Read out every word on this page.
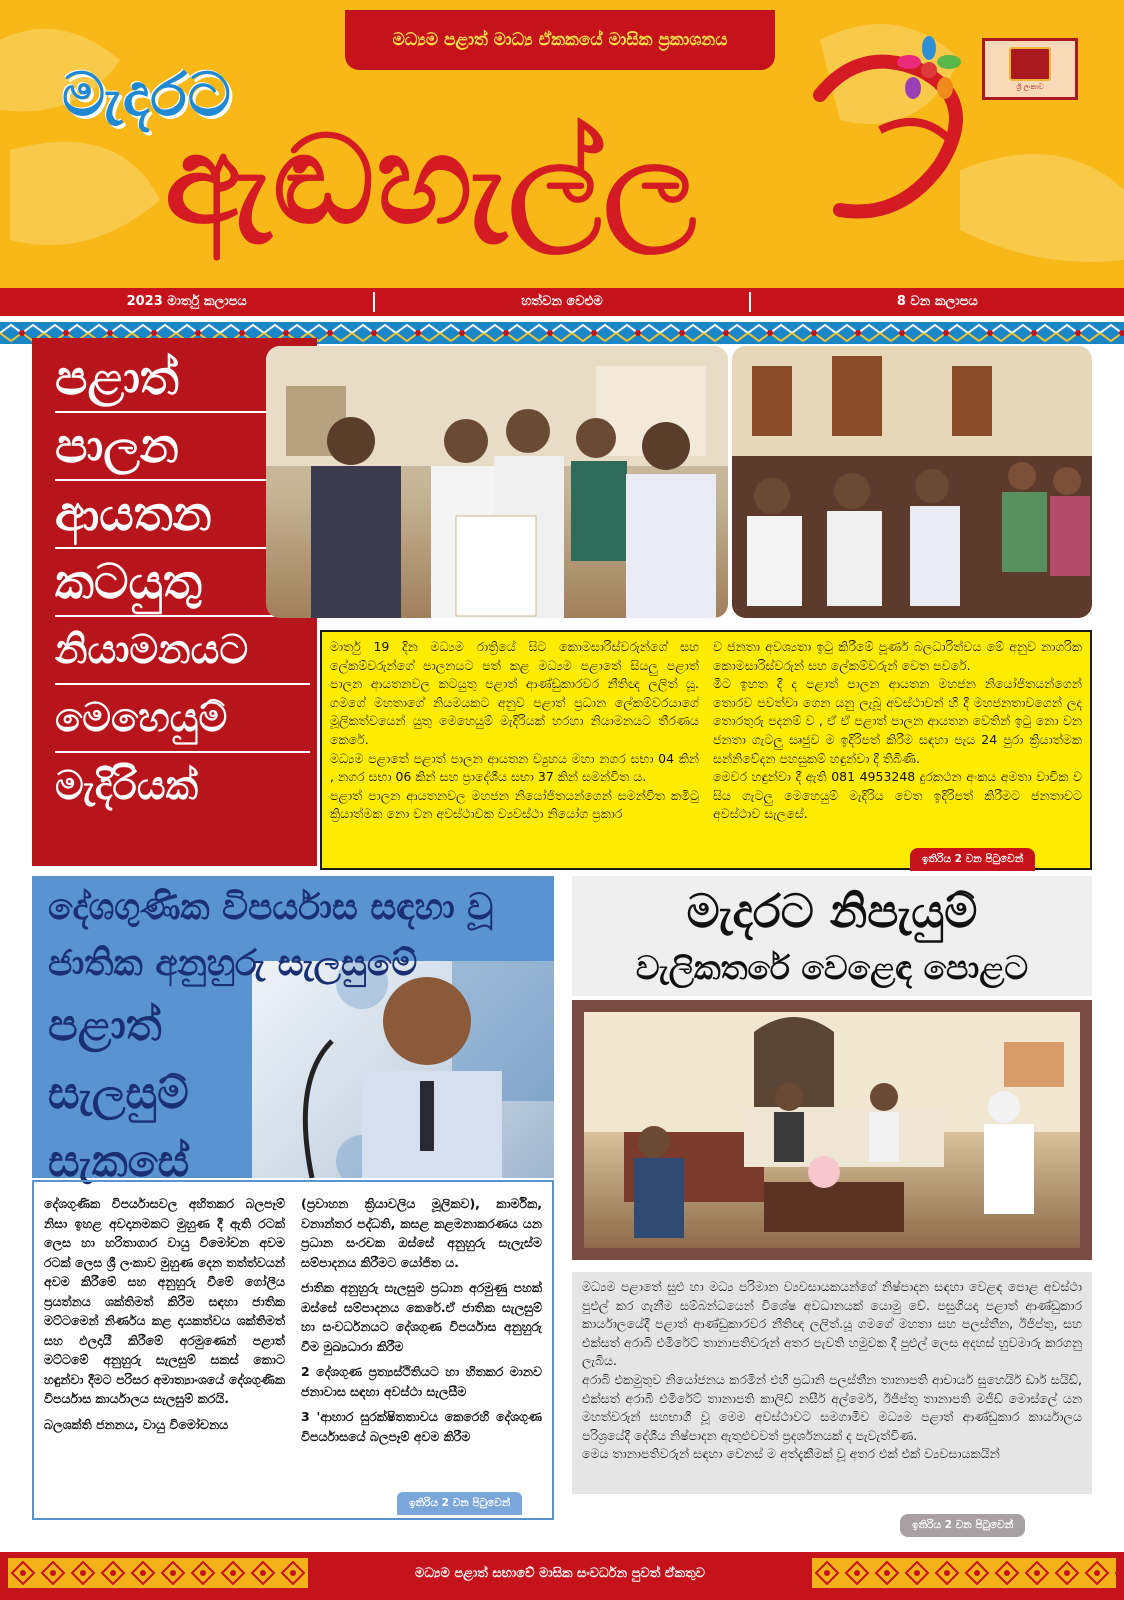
මධ්‍යම පළාත් මාධ්‍ය ඒකකයේ මාසික ප්‍රකාශනය
මැදරට
ඇඬහැල්ල
ශ්‍රී ලංකාව
2023 මාර්තු කලාපය	හත්වන වෙළුම	8 වන කලාපය
පළාත්
පාලන
ආයතන
කටයුතු
නියාමනයට
මෙහෙයුම්
මැදිරියක්

මාර්තු 19 දින මධ්‍යම රාත්‍රියේ සිට කොමසාරිස්වරුන්ගේ සහ ලේකම්වරුන්ගේ පාලනයට පත් කළ මධ්‍යම පළාතේ සියලු පළාත් පාලන ආයතනවල කටයුතු පළාත් ආණ්ඩුකාරවර නීතිඥ ලලිත් යූ. ගමගේ මහතාගේ නියමයකට අනුව පළාත් ප්‍රධාන ලේකම්වරයාගේ මූලිකත්වයෙන් යුතු මෙහෙයුම් මැදිරියක් හරහා නියාමනයට තීරණය කෙරේ.

මධ්‍යම පළාතේ පළාත් පාලන ආයතන ව්‍යුහය මහා නගර සභා 04 කින් , නගර සභා 06 කින් සහ ප්‍රාදේශීය සභා 37 කින් සමන්විත ය.

පළාත් පාලන ආයතනවල මහජන නියෝජිතයන්ගෙන් සමන්විත කමිටු ක්‍රියාත්මක නො වන අවස්ථාවක ව්‍යවස්ථා නියෝග ප්‍රකාර

ව ජනතා අවශ්‍යතා ඉටු කිරීමේ පූර්ණ බලධාරිත්වය මේ අනුව නාගරික කොමසාරිස්වරුන් සහ ලේකම්වරුන් වෙත පවරේ.

මීට ඉහත දී ද පළාත් පාලන ආයතන මහජන නියෝජිතයන්ගෙන් තොරව පවත්වා ගෙන යනු ලැබූ අවස්ථාවන් හි දී මහජනතාවගෙන් ලද තොරතුරු පදනම් ව , ඒ ඒ පළාත් පාලන ආයතන වෙතින් ඉටු නො වන ජනතා ගැටලු සෘජුව ම ඉදිරිපත් කිරීම සඳහා පැය 24 පුරා ක්‍රියාත්මක සන්නිවේදන පහසුකම් හඳුන්වා දී තිබිණි.

මෙවර හඳුන්වා දී ඇති 081 4953248 දුරකථන අංකය අමතා වාචික ව සිය ගැටලු මෙහෙයුම් මැදිරිය වෙත ඉදිරිපත් කිරීමට ජනතාවට අවස්ථාව සැලසේ.

ඉතිරිය 2 වන පිටුවෙන්
දේශගුණික විපර්යාස සඳහා වූ
ජාතික අනුහුරු සැලසුමේ
පළාත්
සැලසුම්
සැකසේ

දේශගුණික විපර්යාසවල අහිතකර බලපෑම් නිසා ඉහළ අවදානමකට මුහුණ දී ඇති රටක් ලෙස හා හරිතාගාර වායු විමෝචන අවම රටක් ලෙස ශ්‍රී ලංකාව මුහුණ දෙන තත්ත්වයන් අවම කිරීමේ සහ අනුහුරු වීමේ ගෝලීය ප්‍රයත්නය ශක්තිමත් කිරීම සඳහා ජාතික මට්ටමෙන් නිර්ණය කළ දායකත්වය ශක්තිමත් සහ ඵලදායී කිරීමේ අරමුණෙන් පළාත් මට්ටමේ අනුහුරු සැලසුම් සකස් කොට හඳුන්වා දීමට පරිසර අමාත්‍යාංශයේ දේශගුණික විපර්යාස කාර්යාලය සැලසුම් කරයි.

බලශක්ති ජනනය, වායු විමෝචනය

(ප්‍රවාහන ක්‍රියාවලිය මූලිකව), කාර්මික, වනාන්තර පද්ධති, කසළ කළමනාකරණය යන ප්‍රධාන සංරචක ඔස්සේ අනුහුරු සැලැස්ම සම්පාදනය කිරීමට යෝජිත ය.

ජාතික අනුහුරු සැලසුම ප්‍රධාන අරමුණු පහක් ඔස්සේ සම්පාදනය කෙරේ.ඒ ජාතික සැලසුම් හා සංවර්ධනයට දේශගුණ විපර්යාස අනුහුරු වීම මුඛ්‍යධාරා කිරීම

2 දේශගුණ ප්‍රත්‍යස්ථිතියට හා හිතකර මානව ජනාවාස සඳහා අවස්ථා සැලසීම

3 'ආහාර සුරක්ෂිතතාවය කෙරෙහි දේශගුණ විපර්යාසයේ බලපෑම් අවම කිරීම

ඉතිරිය 2 වන පිටුවෙන්
මැදරට නිපැයුම්
වැලිකතරේ වෙළෙඳ පොළට

මධ්‍යම පළාතේ සුළු හා මධ්‍ය පරිමාන ව්‍යවසායකයන්ගේ නිෂ්පාදන සඳහා වෙළඳ පොළ අවස්ථා පුළුල් කර ගැනීම සම්බන්ධයෙන් විශේෂ අවධානයක් යොමු වේ. පසුගියදා පළාත් ආණ්ඩුකාර කාර්යාලයේදී පළාත් ආණ්ඩුකාරවර නීතිඥ ලලිත්.යූ ගමගේ මහතා සහ පලස්තීන, ඊජිප්තු, සහ එක්සත් අරාබි එමිරේට් තානාපතිවරුන් අතර පැවති හමුවක දී පුළුල් ලෙස අදහස් හුවමාරු කරගනු ලැබිය.

අරාබි එකමුතුව නියෝජනය කරමින් එහි ප්‍රධානි පලස්තීන තානාපති ආචාර්ය සුහෙයිර් ඩාර් සයිඩ්, එක්සත් අරාබි එමිරේට් තානාපති කාලිඩ් නසීර් අල්මෙර්, ඊජිප්තු තානාපති මජීඩ් මොස්ලේ යන මහත්වරුන් සහභාගී වූ මෙම අවස්ථාවට සමගාමීව මධ්‍යම පළාත් ආණ්ඩුකාර කාර්යාලය පරිශ්‍රයේදී දේශීය නිෂ්පාදන ඇතුළුවවත් ප්‍රදර්ශනයක් ද පැවැත්විණ.

මෙය තානාපතිවරුන් සඳහා වෙනස් ම අත්දැකීමක් වූ අතර එක් එක් ව්‍යවසායකයින්

ඉතිරිය 2 වන පිටුවෙන්
මධ්‍යම පළාත් සභාවේ මාසික සංවර්ධන පුවත් ඒකතුව
